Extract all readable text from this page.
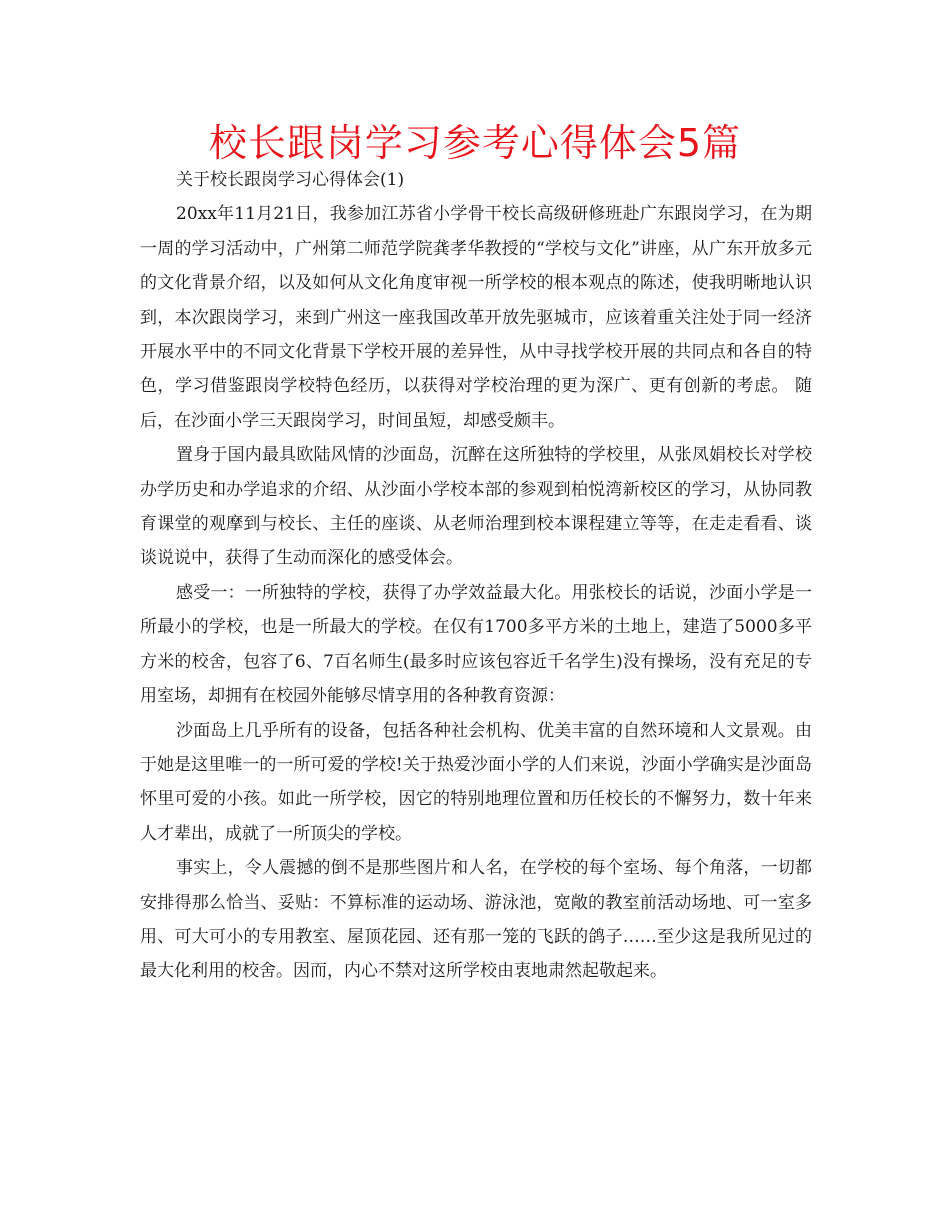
校长跟岗学习参考心得体会5篇

关于校长跟岗学习心得体会(1)

20xx年11月21日，我参加江苏省小学骨干校长高级研修班赴广东跟岗学习，在为期一周的学习活动中，广州第二师范学院龚孝华教授的“学校与文化”讲座，从广东开放多元的文化背景介绍，以及如何从文化角度审视一所学校的根本观点的陈述，使我明晰地认识到，本次跟岗学习，来到广州这一座我国改革开放先驱城市，应该着重关注处于同一经济开展水平中的不同文化背景下学校开展的差异性，从中寻找学校开展的共同点和各自的特色，学习借鉴跟岗学校特色经历，以获得对学校治理的更为深广、更有创新的考虑。 随后，在沙面小学三天跟岗学习，时间虽短，却感受颇丰。

置身于国内最具欧陆风情的沙面岛，沉醉在这所独特的学校里，从张凤娟校长对学校办学历史和办学追求的介绍、从沙面小学校本部的参观到柏悦湾新校区的学习，从协同教育课堂的观摩到与校长、主任的座谈、从老师治理到校本课程建立等等，在走走看看、谈谈说说中，获得了生动而深化的感受体会。

感受一：一所独特的学校，获得了办学效益最大化。用张校长的话说，沙面小学是一所最小的学校，也是一所最大的学校。在仅有1700多平方米的土地上，建造了5000多平方米的校舍，包容了6、7百名师生(最多时应该包容近千名学生)没有操场，没有充足的专用室场，却拥有在校园外能够尽情享用的各种教育资源：

沙面岛上几乎所有的设备，包括各种社会机构、优美丰富的自然环境和人文景观。由于她是这里唯一的一所可爱的学校!关于热爱沙面小学的人们来说，沙面小学确实是沙面岛怀里可爱的小孩。如此一所学校，因它的特别地理位置和历任校长的不懈努力，数十年来人才辈出，成就了一所顶尖的学校。

事实上，令人震撼的倒不是那些图片和人名，在学校的每个室场、每个角落，一切都安排得那么恰当、妥贴：不算标准的运动场、游泳池，宽敞的教室前活动场地、可一室多用、可大可小的专用教室、屋顶花园、还有那一笼的飞跃的鸽子……至少这是我所见过的最大化利用的校舍。因而，内心不禁对这所学校由衷地肃然起敬起来。
